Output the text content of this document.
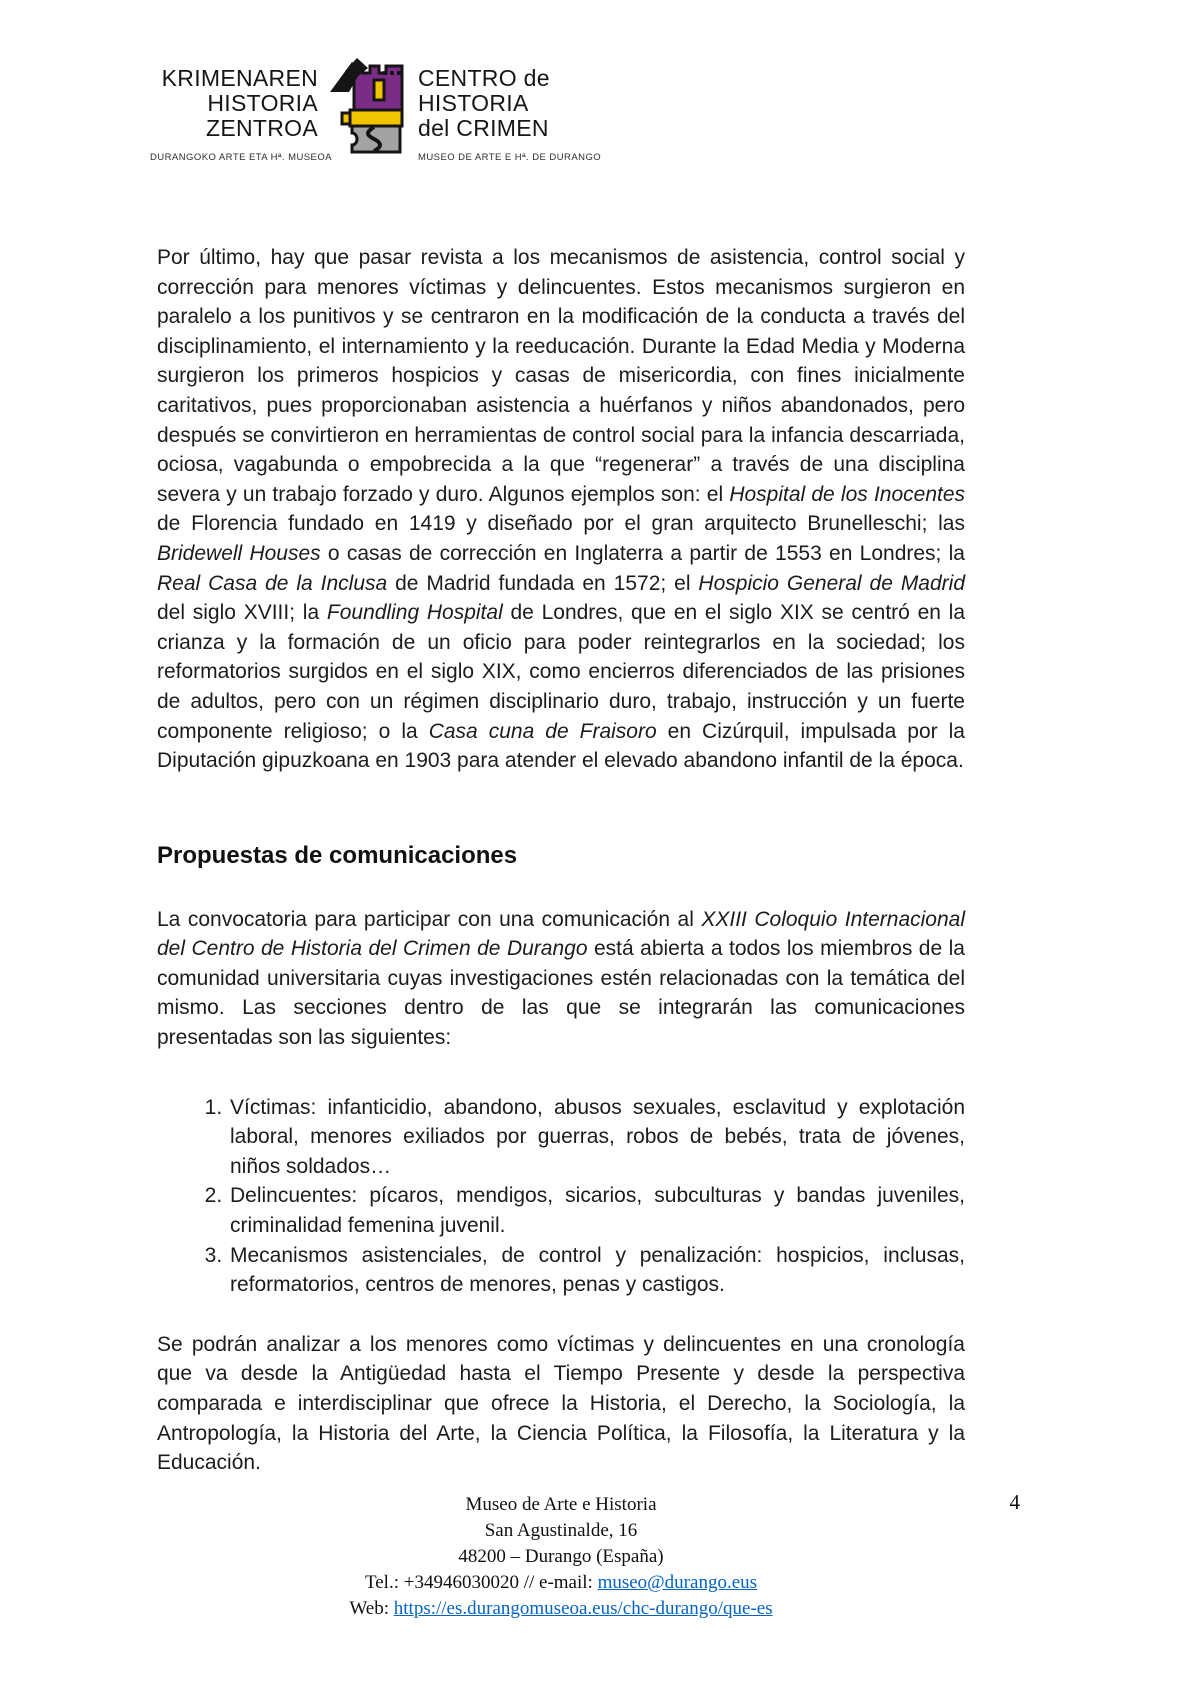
KRIMENAREN
HISTORIA
ZENTROA
DURANGOKO ARTE ETA Hª. MUSEOA
CENTRO de
HISTORIA
del CRIMEN
MUSEO DE ARTE E Hª. DE DURANGO

Por último, hay que pasar revista a los mecanismos de asistencia, control social y corrección para menores víctimas y delincuentes. Estos mecanismos surgieron en paralelo a los punitivos y se centraron en la modificación de la conducta a través del disciplinamiento, el internamiento y la reeducación. Durante la Edad Media y Moderna surgieron los primeros hospicios y casas de misericordia, con fines inicialmente caritativos, pues proporcionaban asistencia a huérfanos y niños abandonados, pero después se convirtieron en herramientas de control social para la infancia descarriada, ociosa, vagabunda o empobrecida a la que “regenerar” a través de una disciplina severa y un trabajo forzado y duro. Algunos ejemplos son: el Hospital de los Inocentes de Florencia fundado en 1419 y diseñado por el gran arquitecto Brunelleschi; las Bridewell Houses o casas de corrección en Inglaterra a partir de 1553 en Londres; la Real Casa de la Inclusa de Madrid fundada en 1572; el Hospicio General de Madrid del siglo XVIII; la Foundling Hospital de Londres, que en el siglo XIX se centró en la crianza y la formación de un oficio para poder reintegrarlos en la sociedad; los reformatorios surgidos en el siglo XIX, como encierros diferenciados de las prisiones de adultos, pero con un régimen disciplinario duro, trabajo, instrucción y un fuerte componente religioso; o la Casa cuna de Fraisoro en Cizúrquil, impulsada por la Diputación gipuzkoana en 1903 para atender el elevado abandono infantil de la época.

Propuestas de comunicaciones

La convocatoria para participar con una comunicación al XXIII Coloquio Internacional del Centro de Historia del Crimen de Durango está abierta a todos los miembros de la comunidad universitaria cuyas investigaciones estén relacionadas con la temática del mismo. Las secciones dentro de las que se integrarán las comunicaciones presentadas son las siguientes:

1. Víctimas: infanticidio, abandono, abusos sexuales, esclavitud y explotación laboral, menores exiliados por guerras, robos de bebés, trata de jóvenes, niños soldados…
2. Delincuentes: pícaros, mendigos, sicarios, subculturas y bandas juveniles, criminalidad femenina juvenil.
3. Mecanismos asistenciales, de control y penalización: hospicios, inclusas, reformatorios, centros de menores, penas y castigos.

Se podrán analizar a los menores como víctimas y delincuentes en una cronología que va desde la Antigüedad hasta el Tiempo Presente y desde la perspectiva comparada e interdisciplinar que ofrece la Historia, el Derecho, la Sociología, la Antropología, la Historia del Arte, la Ciencia Política, la Filosofía, la Literatura y la Educación.

Museo de Arte e Historia
San Agustinalde, 16
48200 – Durango (España)
Tel.: +34946030020 // e-mail: museo@durango.eus
Web: https://es.durangomuseoa.eus/chc-durango/que-es
4
